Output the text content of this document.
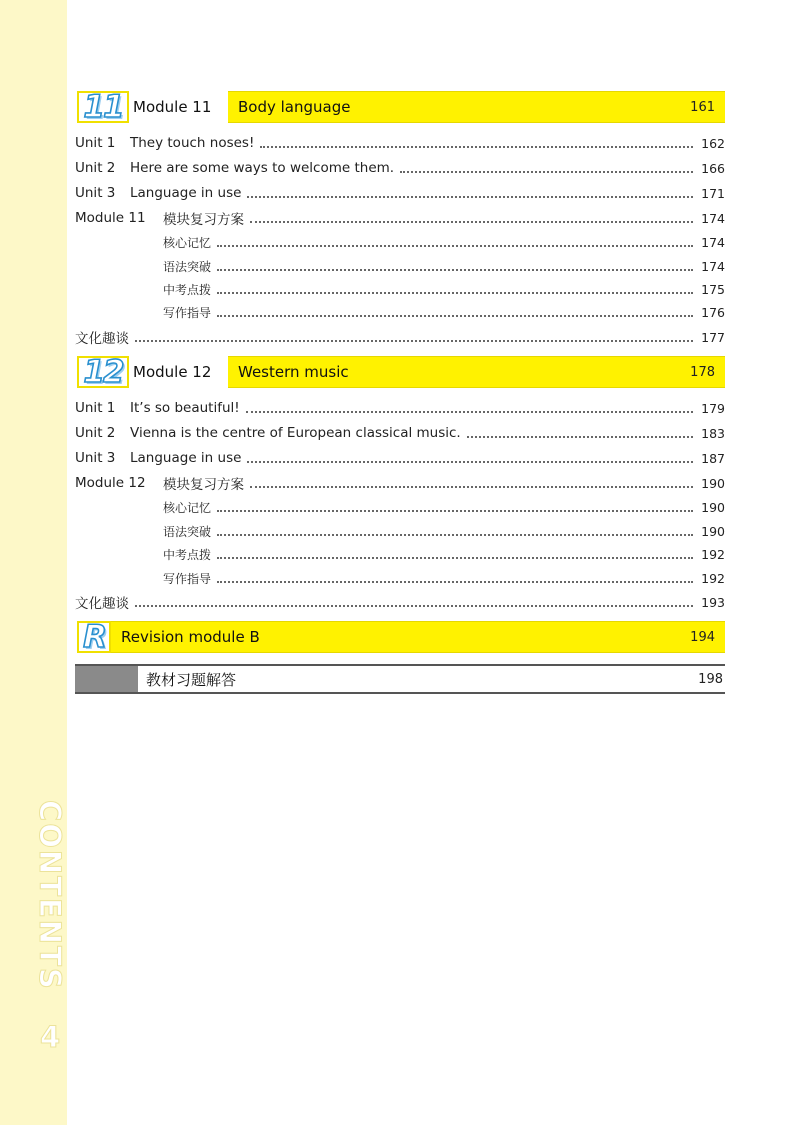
CONTENTS
4
11 Module 11 Body language	161
Unit 1	They touch noses!	162
Unit 2	Here are some ways to welcome them.	166
Unit 3	Language in use	171
Module 11	模块复习方案	174
核心记忆	174
语法突破	174
中考点拨	175
写作指导	176
文化趣谈	177
12 Module 12 Western music	178
Unit 1	It’s so beautiful!	179
Unit 2	Vienna is the centre of European classical music.	183
Unit 3	Language in use	187
Module 12	模块复习方案	190
核心记忆	190
语法突破	190
中考点拨	192
写作指导	192
文化趣谈	193
R Revision module B	194
教材习题解答	198
